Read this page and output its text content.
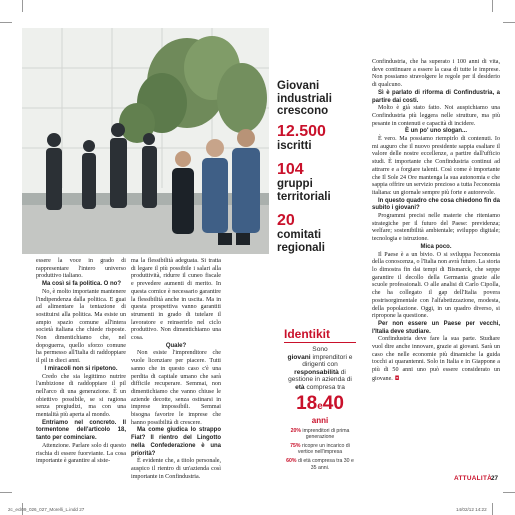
Giovani industriali crescono
12.500
iscritti
104
gruppi territoriali
20
comitati regionali

essere la voce in grado di rappresentare l'intero universo produttivo italiano.

Ma così si fa politica. O no?

No, è molto importante mantenere l'indipendenza dalla politica. E guai ad alimentare la tentazione di sostituirsi alla politica. Ma esiste un ampio spazio comune all'intera società italiana che chiede risposte. Non dimentichiamo che, nel dopoguerra, quello sforzo comune ha permesso all'Italia di raddoppiare il pil in dieci anni.

I miracoli non si ripetono.

Credo che sia legittimo nutrire l'ambizione di raddoppiare il pil nell'arco di una generazione. È un obiettivo possibile, se si ragiona senza pregiudizi, ma con una mentalità più aperta al mondo.

Entriamo nel concreto. Il tormentone dell'articolo 18, tanto per cominciare.

Attenzione. Parlare solo di questo rischia di essere fuorviante. La cosa importante è garantire al siste-

ma la flessibilità adeguata. Si tratta di legare il più possibile i salari alla produttività, ridurre il cuneo fiscale e prevedere aumenti di merito. In questa cornice è necessario garantire la flessibilità anche in uscita. Ma in questa prospettiva vanno garantiti strumenti in grado di tutelare il lavoratore e reinserirlo nel ciclo produttivo. Non dimentichiamo una cosa.

Quale?

Non esiste l'imprenditore che vuole licenziare per piacere. Tutti sanno che in questo caso c'è una perdita di capitale umano che sarà difficile recuperare. Semmai, non dimentichiamo che vanno chiuse le aziende decotte, senza ostinarsi in imprese impossibili. Semmai bisogna favorire le imprese che hanno possibilità di crescere.

Ma come giudica lo strappo Fiat? Il rientro del Lingotto nella Confederazione è una priorità?

È evidente che, a titolo personale, auspico il rientro di un'azienda così importante in Confindustria.

Confindustria, che ha superato i 100 anni di vita, deve continuare a essere la casa di tutte le imprese. Non possiamo stravolgere le regole per il desiderio di qualcuno.

Sì è parlato di riforma di Confindustria, a partire dai costi.

Molto è già stato fatto. Noi auspichiamo una Confindustria più leggera nelle strutture, ma più pesante in contenuti e capacità di incidere.

È un po' uno slogan...

È vero. Ma possiamo riempirlo di contenuti. Io mi auguro che il nuovo presidente sappia esaltare il valore delle nostre eccellenze, a partire dall'ufficio studi. È importante che Confindustria continui ad attrarre e a forgiare talenti. Così come è importante che Il Sole 24 Ore mantenga la sua autonomia e che sappia offrire un servizio prezioso a tutta l'economia italiana: un giornale sempre più forte e autorevole.

In questo quadro che cosa chiedono fin da subito i giovani?

Programmi precisi nelle materie che riteniamo strategiche per il futuro del Paese: previdenza; welfare; sostenibilità ambientale; sviluppo digitale; tecnologia e istruzione.

Mica poco.

Il Paese è a un bivio. O si sviluppa l'economia della conoscenza, o l'Italia non avrà futuro. La storia lo dimostra fin dai tempi di Bismarck, che seppe garantire il decollo della Germania grazie alle scuole professionali. O alle analisi di Carlo Cipolla, che ha collegato il gap dell'Italia povera postrisorgimentale con l'alfabetizzazione, modesta, della popolazione. Oggi, in un quadro diverso, si ripropone la questione.

Per non essere un Paese per vecchi, l'Italia deve studiare.

Confindustria deve fare la sua parte. Studiare vuol dire anche innovare, grazie ai giovani. Sarà un caso che nelle economie più dinamiche la guida tocchi ai quarantenni. Solo in Italia e in Giappone a più di 50 anni uno può essere considerato un giovane. ◘

Identikit
Sono
giovani imprenditori e dirigenti con responsabilità di gestione in azienda di età compresa tra
18e40
anni
20% imprenditori di prima generazione
75% ricopre un incarico di vertice nell'impresa
60% di età compresa tra 30 e 35 anni.
ATTUALITÀ
27
2c_ecl09_026_027_Morelli_L.indd 27	14/02/12 14:22
